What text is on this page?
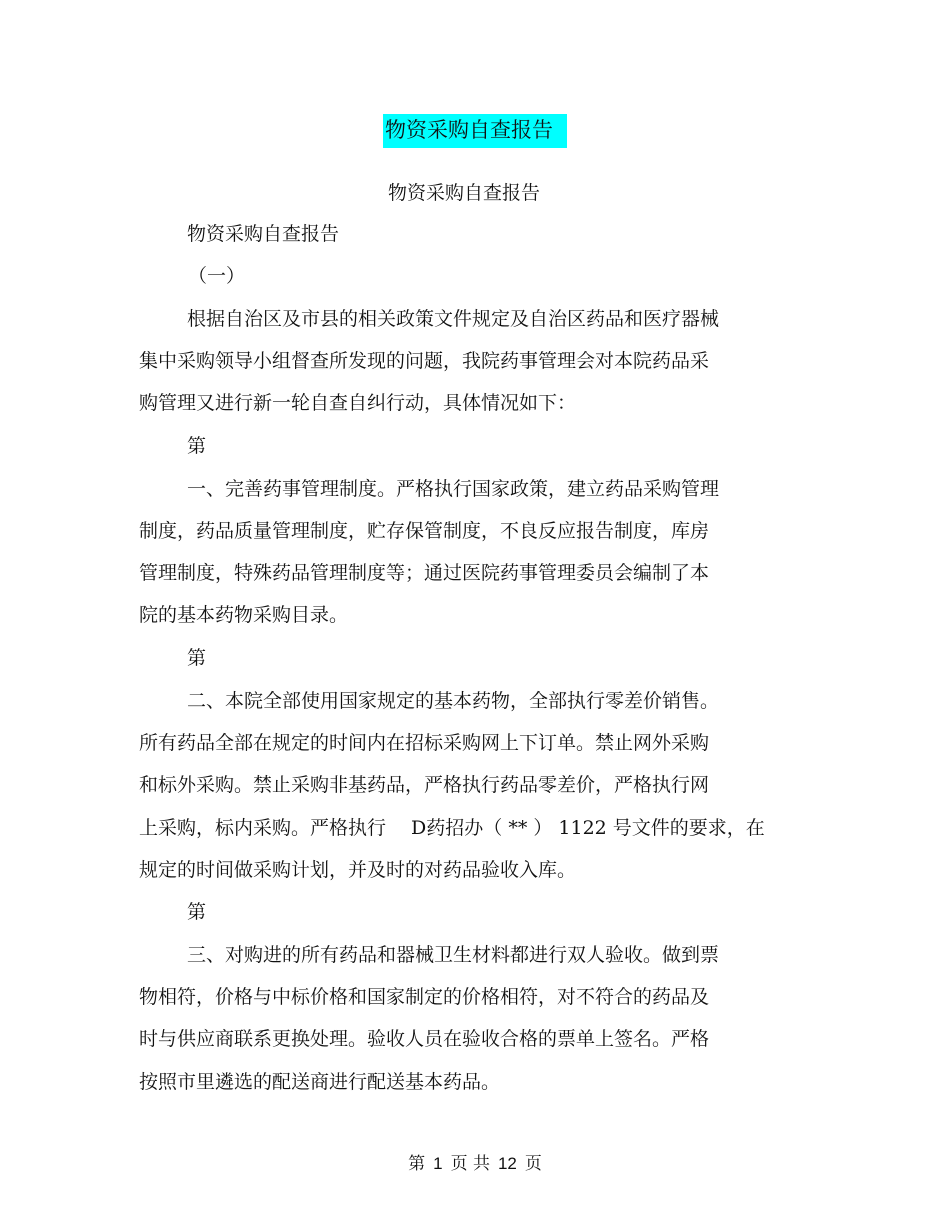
物资采购自查报告
物资采购自查报告
物资采购自查报告
（一）
根据自治区及市县的相关政策文件规定及自治区药品和医疗器械
集中采购领导小组督查所发现的问题，我院药事管理会对本院药品采
购管理又进行新一轮自查自纠行动，具体情况如下：
第
一、完善药事管理制度。严格执行国家政策，建立药品采购管理
制度，药品质量管理制度，贮存保管制度，不良反应报告制度，库房
管理制度，特殊药品管理制度等；通过医院药事管理委员会编制了本
院的基本药物采购目录。
第
二、本院全部使用国家规定的基本药物，全部执行零差价销售。
所有药品全部在规定的时间内在招标采购网上下订单。禁止网外采购
和标外采购。禁止采购非基药品，严格执行药品零差价，严格执行网
上采购，标内采购。严格执行　 D药招办（ ** ） 1122 号文件的要求，在
规定的时间做采购计划，并及时的对药品验收入库。
第
三、对购进的所有药品和器械卫生材料都进行双人验收。做到票
物相符，价格与中标价格和国家制定的价格相符，对不符合的药品及
时与供应商联系更换处理。验收人员在验收合格的票单上签名。严格
按照市里遴选的配送商进行配送基本药品。
第 1 页 共 12 页
